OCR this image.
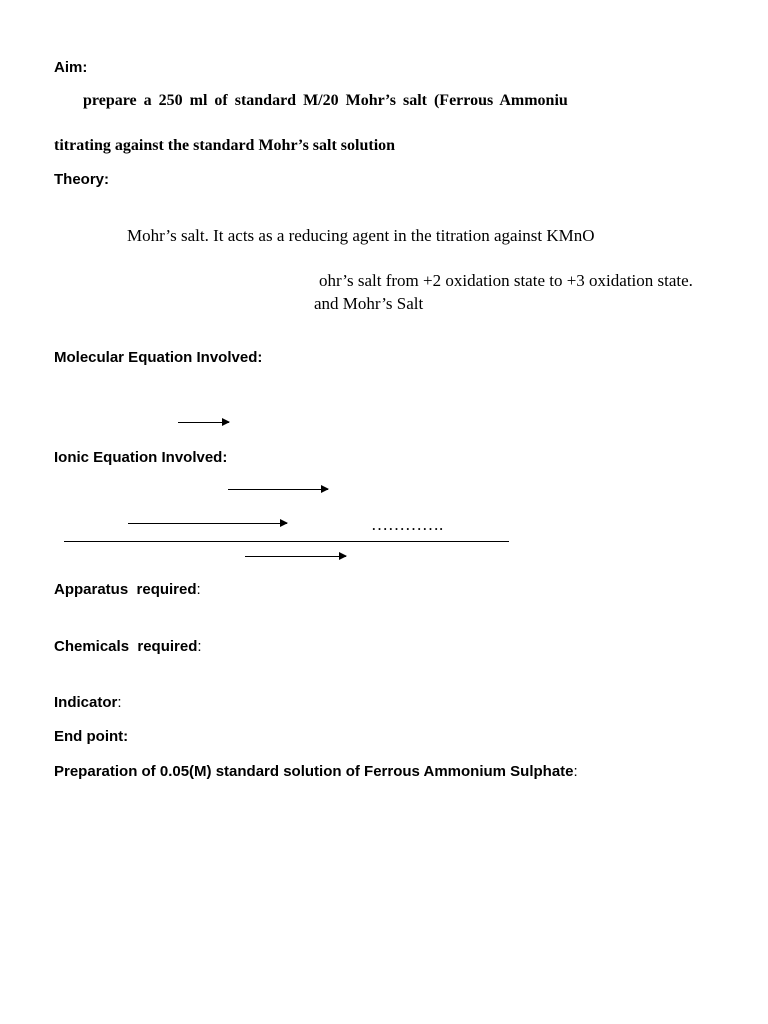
Aim:
prepare a 250 ml of standard M/20 Mohr’s salt (Ferrous Ammoniu
titrating against the standard Mohr’s salt solution
Theory:
Mohr’s salt. It acts as a reducing agent in the titration against KMnO
ohr’s salt from +2 oxidation state to +3 oxidation state.
and Mohr’s Salt
Molecular Equation Involved:
Ionic Equation Involved:
………….
Apparatus  required:
Chemicals  required:
Indicator:
End point:
Preparation of 0.05(M) standard solution of Ferrous Ammonium Sulphate:
